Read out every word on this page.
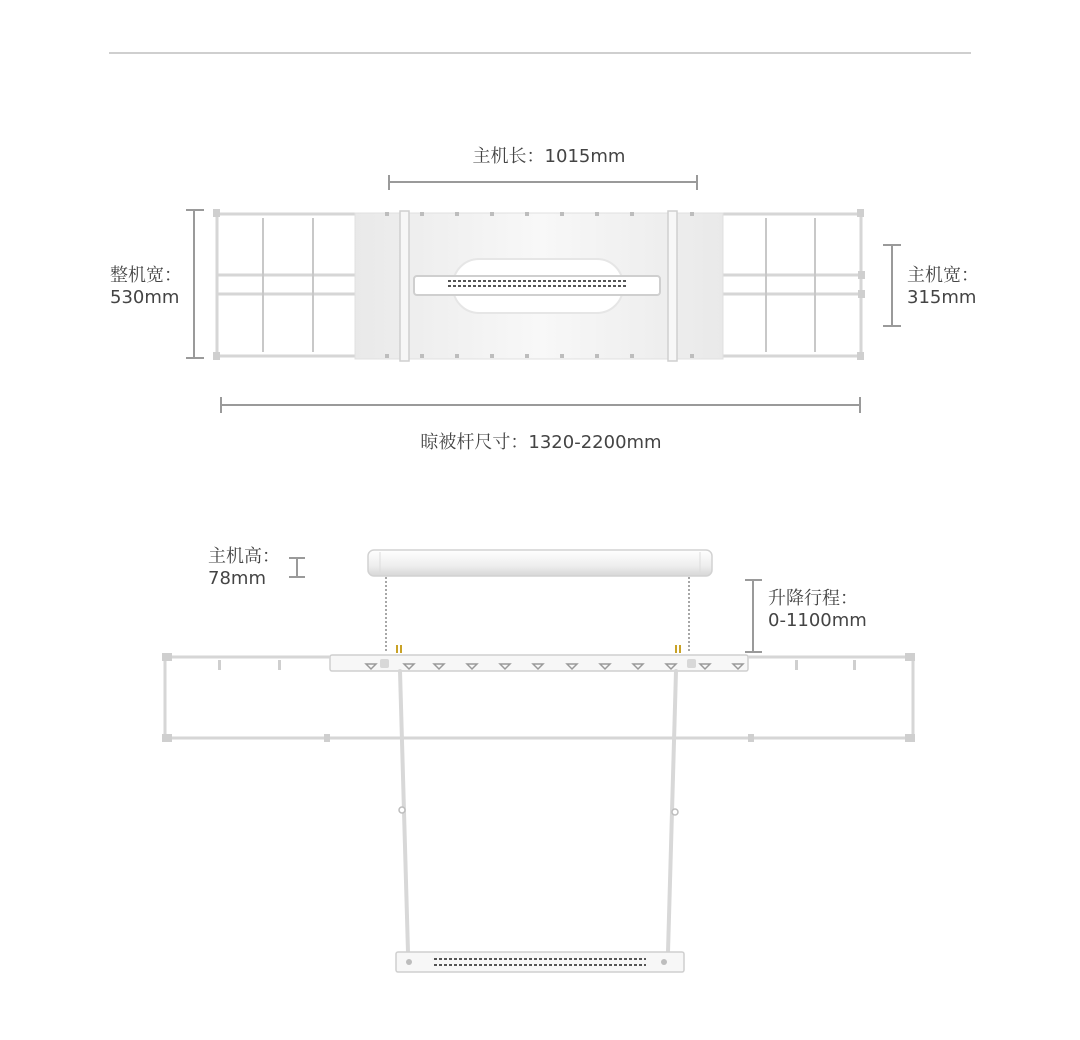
主机长：1015mm
整机宽：
530mm
主机宽：
315mm
晾被杆尺寸：1320-2200mm
主机高：
78mm
升降行程：
0-1100mm
